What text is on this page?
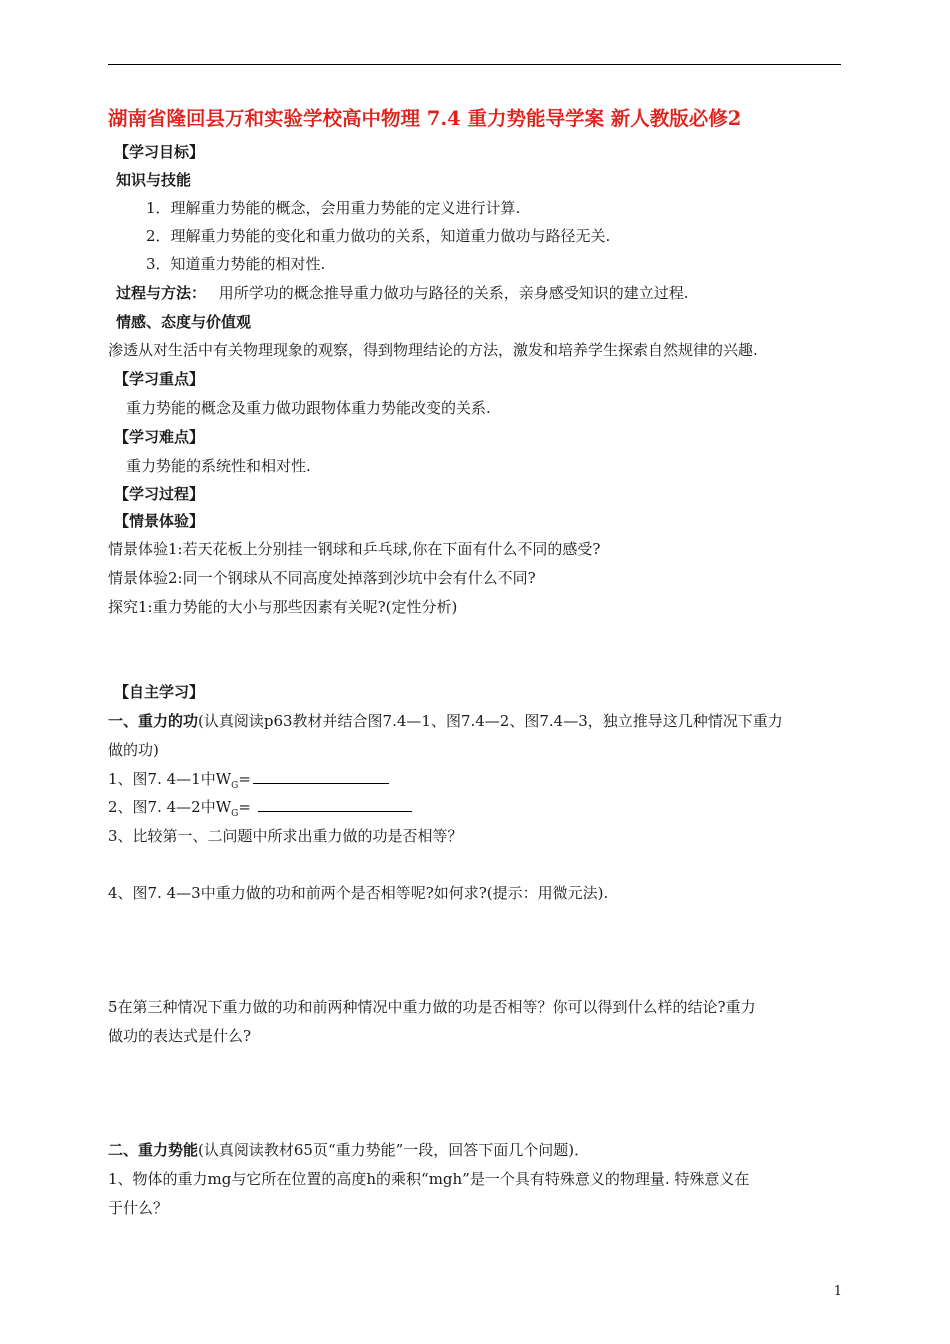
湖南省隆回县万和实验学校高中物理 7.4 重力势能导学案 新人教版必修2
【学习目标】
知识与技能
1．理解重力势能的概念，会用重力势能的定义进行计算.
2．理解重力势能的变化和重力做功的关系，知道重力做功与路径无关.
3．知道重力势能的相对性.
过程与方法： 用所学功的概念推导重力做功与路径的关系，亲身感受知识的建立过程.
情感、态度与价值观
渗透从对生活中有关物理现象的观察，得到物理结论的方法，激发和培养学生探索自然规律的兴趣.
【学习重点】
重力势能的概念及重力做功跟物体重力势能改变的关系.
【学习难点】
重力势能的系统性和相对性.
【学习过程】
【情景体验】
情景体验1:若天花板上分别挂一钢球和乒乓球,你在下面有什么不同的感受?
情景体验2:同一个钢球从不同高度处掉落到沙坑中会有什么不同?
探究1:重力势能的大小与那些因素有关呢?(定性分析)
【自主学习】
一、重力的功(认真阅读p63教材并结合图7.4—1、图7.4—2、图7.4—3，独立推导这几种情况下重力
做的功)
1、图7. 4—1中$W_G=$
2、图7. 4—2中$W_G=$
3、比较第一、二问题中所求出重力做的功是否相等？
4、图7. 4—3中重力做的功和前两个是否相等呢?如何求?(提示：用微元法).
5在第三种情况下重力做的功和前两种情况中重力做的功是否相等？你可以得到什么样的结论?重力
做功的表达式是什么?
二、重力势能(认真阅读教材65页“重力势能”一段，回答下面几个问题)．
1、物体的重力mg与它所在位置的高度h的乘积“mgh”是一个具有特殊意义的物理量. 特殊意义在
于什么？
1
